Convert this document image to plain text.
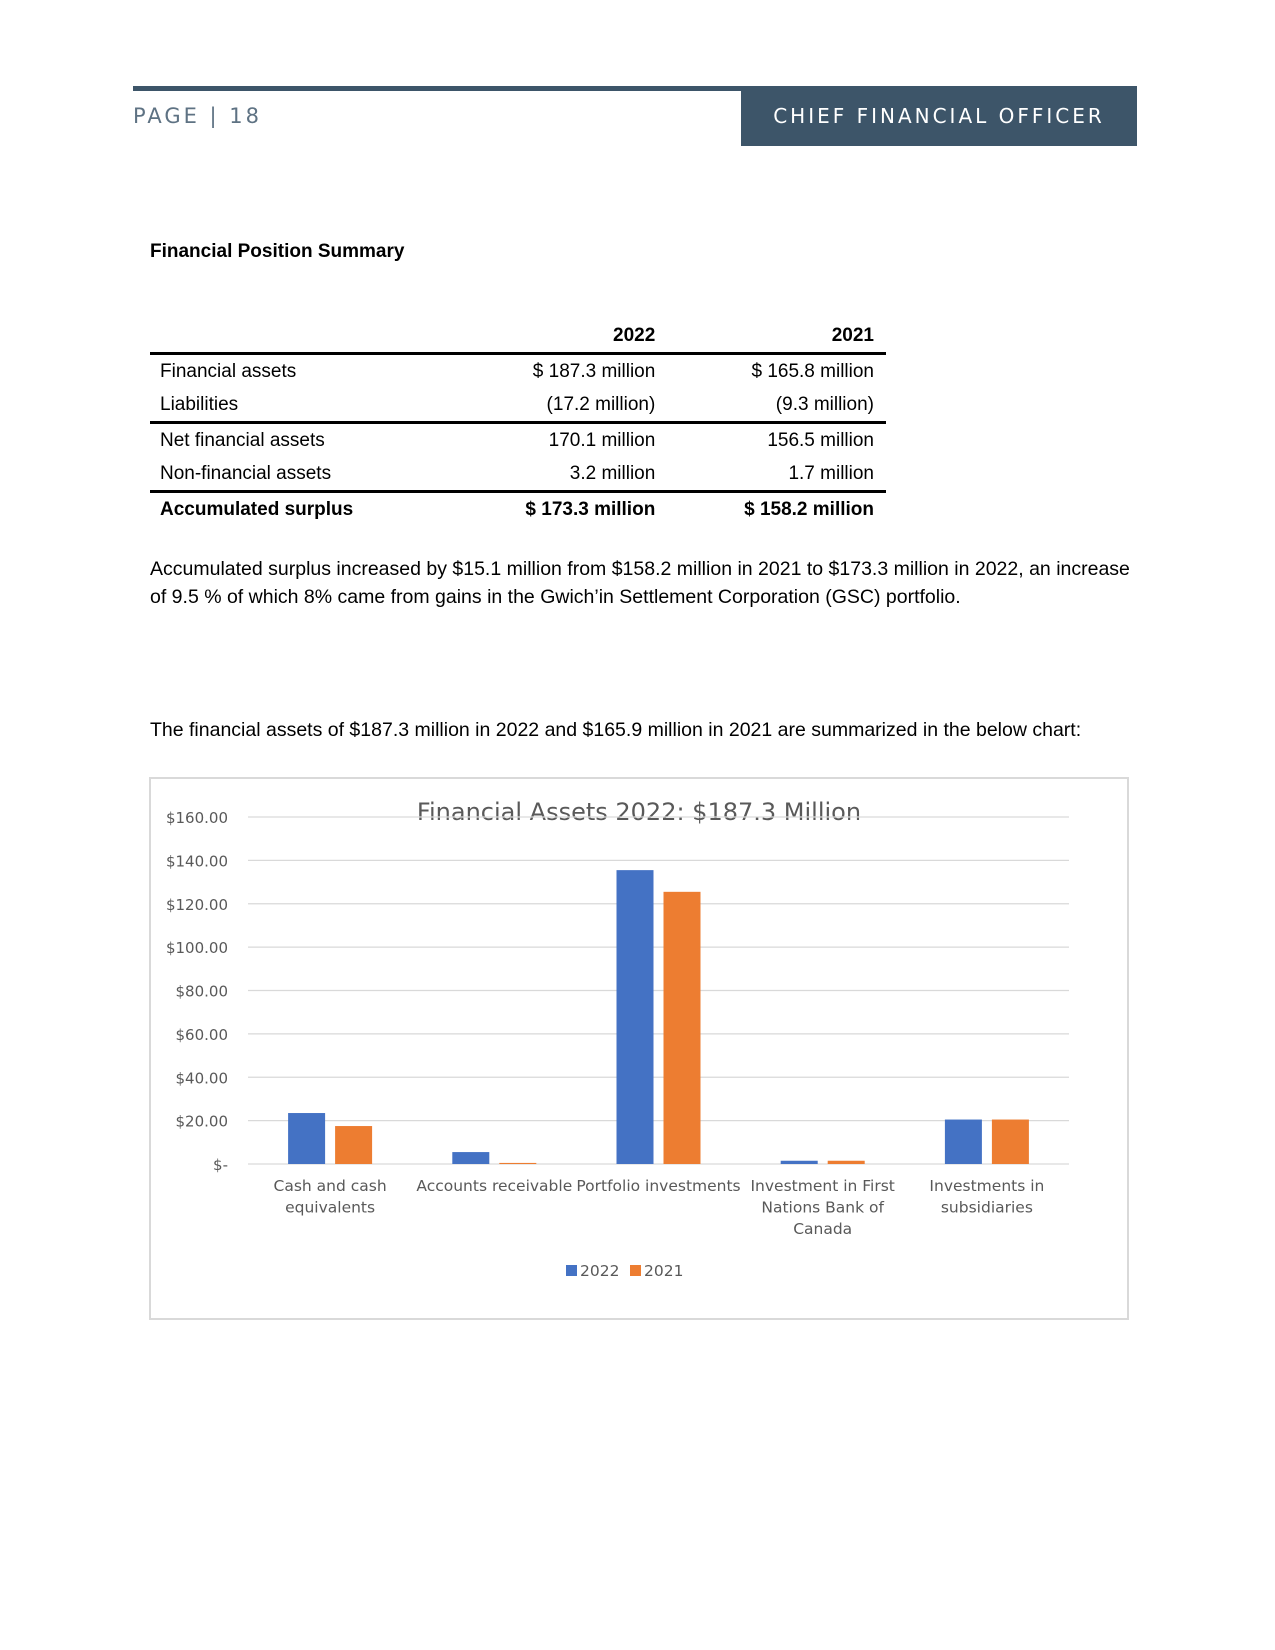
PAGE | 18	CHIEF FINANCIAL OFFICER
Financial Position Summary
	2022	2021
Financial assets	$ 187.3 million	$ 165.8 million
Liabilities	(17.2 million)	(9.3 million)
Net financial assets	170.1 million	156.5 million
Non-financial assets	3.2 million	1.7 million
Accumulated surplus	$ 173.3 million	$ 158.2 million

Accumulated surplus increased by $15.1 million from $158.2 million in 2021 to $173.3 million in 2022, an increase of 9.5 % of which 8% came from gains in the Gwich’in Settlement Corporation (GSC) portfolio.

The financial assets of $187.3 million in 2022 and $165.9 million in 2021 are summarized in the below chart:

Financial Assets 2022: $187.3 Million
$-
$20.00
$40.00
$60.00
$80.00
$100.00
$120.00
$140.00
$160.00
Cash and cash equivalents
Accounts receivable Portfolio investments Investment in First Nations Bank of Canada
Investments in subsidiaries
2022 2021
